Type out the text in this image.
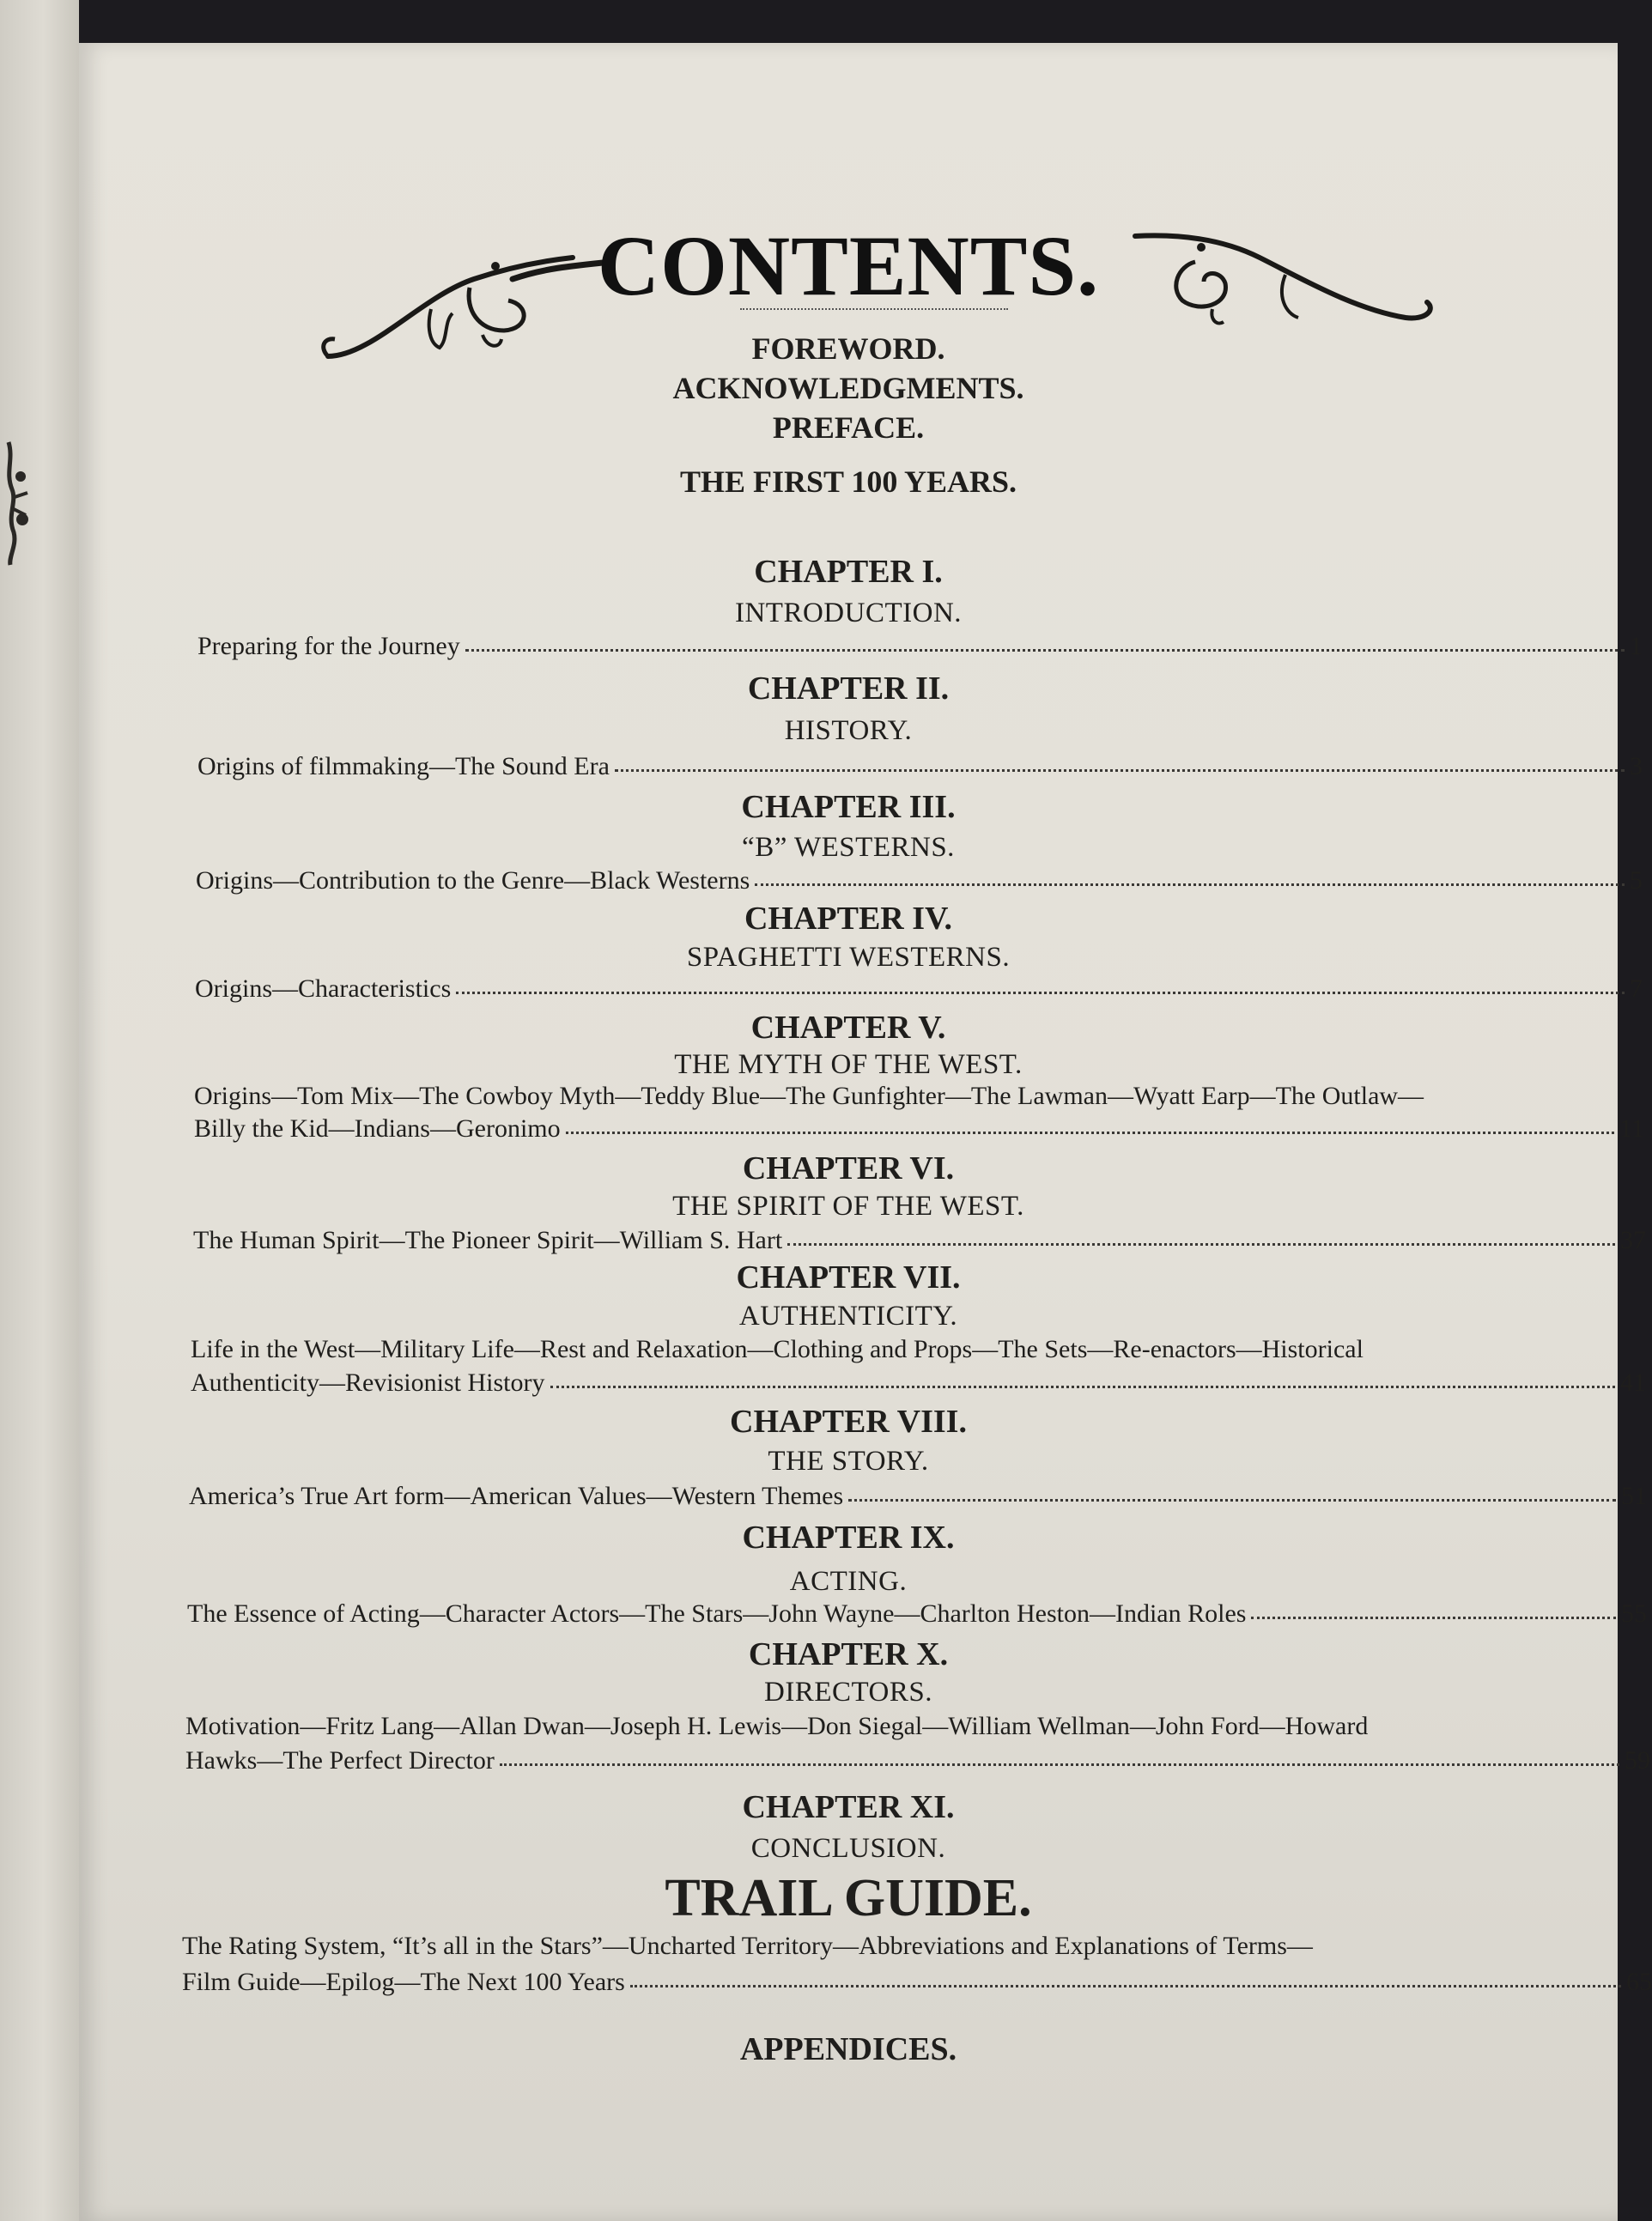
CONTENTS.
FOREWORD.
ACKNOWLEDGMENTS.
PREFACE.
THE FIRST 100 YEARS.
CHAPTER I.
INTRODUCTION.
Preparing for the Journey	1
CHAPTER II.
HISTORY.
Origins of filmmaking—The Sound Era	3
CHAPTER III.
“B” WESTERNS.
Origins—Contribution to the Genre—Black Westerns	5
CHAPTER IV.
SPAGHETTI WESTERNS.
Origins—Characteristics	7
CHAPTER V.
THE MYTH OF THE WEST.
Origins—Tom Mix—The Cowboy Myth—Teddy Blue—The Gunfighter—The Lawman—Wyatt Earp—The Outlaw—
Billy the Kid—Indians—Geronimo	11
CHAPTER VI.
THE SPIRIT OF THE WEST.
The Human Spirit—The Pioneer Spirit—William S. Hart	37
CHAPTER VII.
AUTHENTICITY.
Life in the West—Military Life—Rest and Relaxation—Clothing and Props—The Sets—Re-enactors—Historical
Authenticity—Revisionist History	41
CHAPTER VIII.
THE STORY.
America’s True Art form—American Values—Western Themes	51
CHAPTER IX.
ACTING.
The Essence of Acting—Character Actors—The Stars—John Wayne—Charlton Heston—Indian Roles	55
CHAPTER X.
DIRECTORS.
Motivation—Fritz Lang—Allan Dwan—Joseph H. Lewis—Don Siegal—William Wellman—John Ford—Howard
Hawks—The Perfect Director	59
CHAPTER XI.
CONCLUSION.
TRAIL GUIDE.
The Rating System, “It’s all in the Stars”—Uncharted Territory—Abbreviations and Explanations of Terms—
Film Guide—Epilog—The Next 100 Years	65
APPENDICES.
